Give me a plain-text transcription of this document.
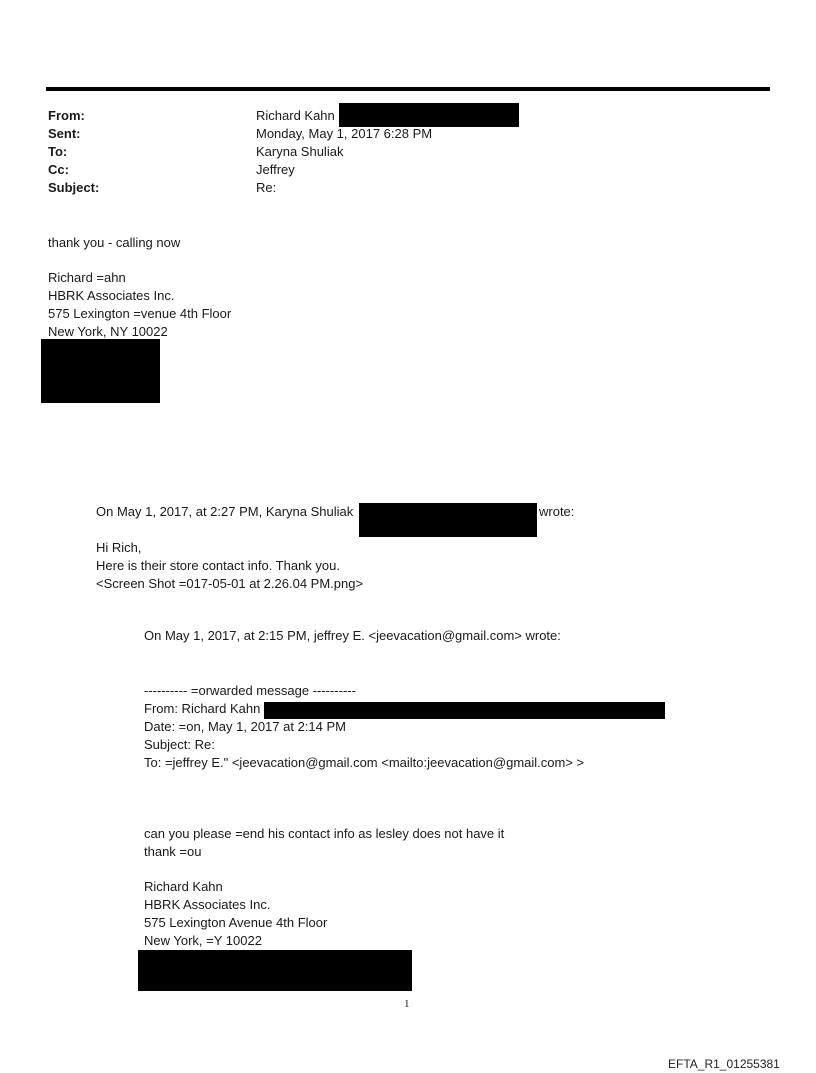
From:	Richard Kahn
Sent:	Monday, May 1, 2017 6:28 PM
To:	Karyna Shuliak
Cc:	Jeffrey
Subject:	Re:
thank you - calling now
Richard =ahn
HBRK Associates Inc.
575 Lexington =venue 4th Floor
New York, NY 10022
On May 1, 2017, at 2:27 PM, Karyna Shuliak	wrote:
Hi Rich,
Here is their store contact info. Thank you.
<Screen Shot =017-05-01 at 2.26.04 PM.png>
On May 1, 2017, at 2:15 PM, jeffrey E. <jeevacation@gmail.com> wrote:
---------- =orwarded message ----------
From: Richard Kahn
Date: =on, May 1, 2017 at 2:14 PM
Subject: Re:
To: =jeffrey E." <jeevacation@gmail.com <mailto:jeevacation@gmail.com> >
can you please =end his contact info as lesley does not have it
thank =ou
Richard Kahn
HBRK Associates Inc.
575 Lexington Avenue 4th Floor
New York, =Y 10022
1
EFTA_R1_01255381
